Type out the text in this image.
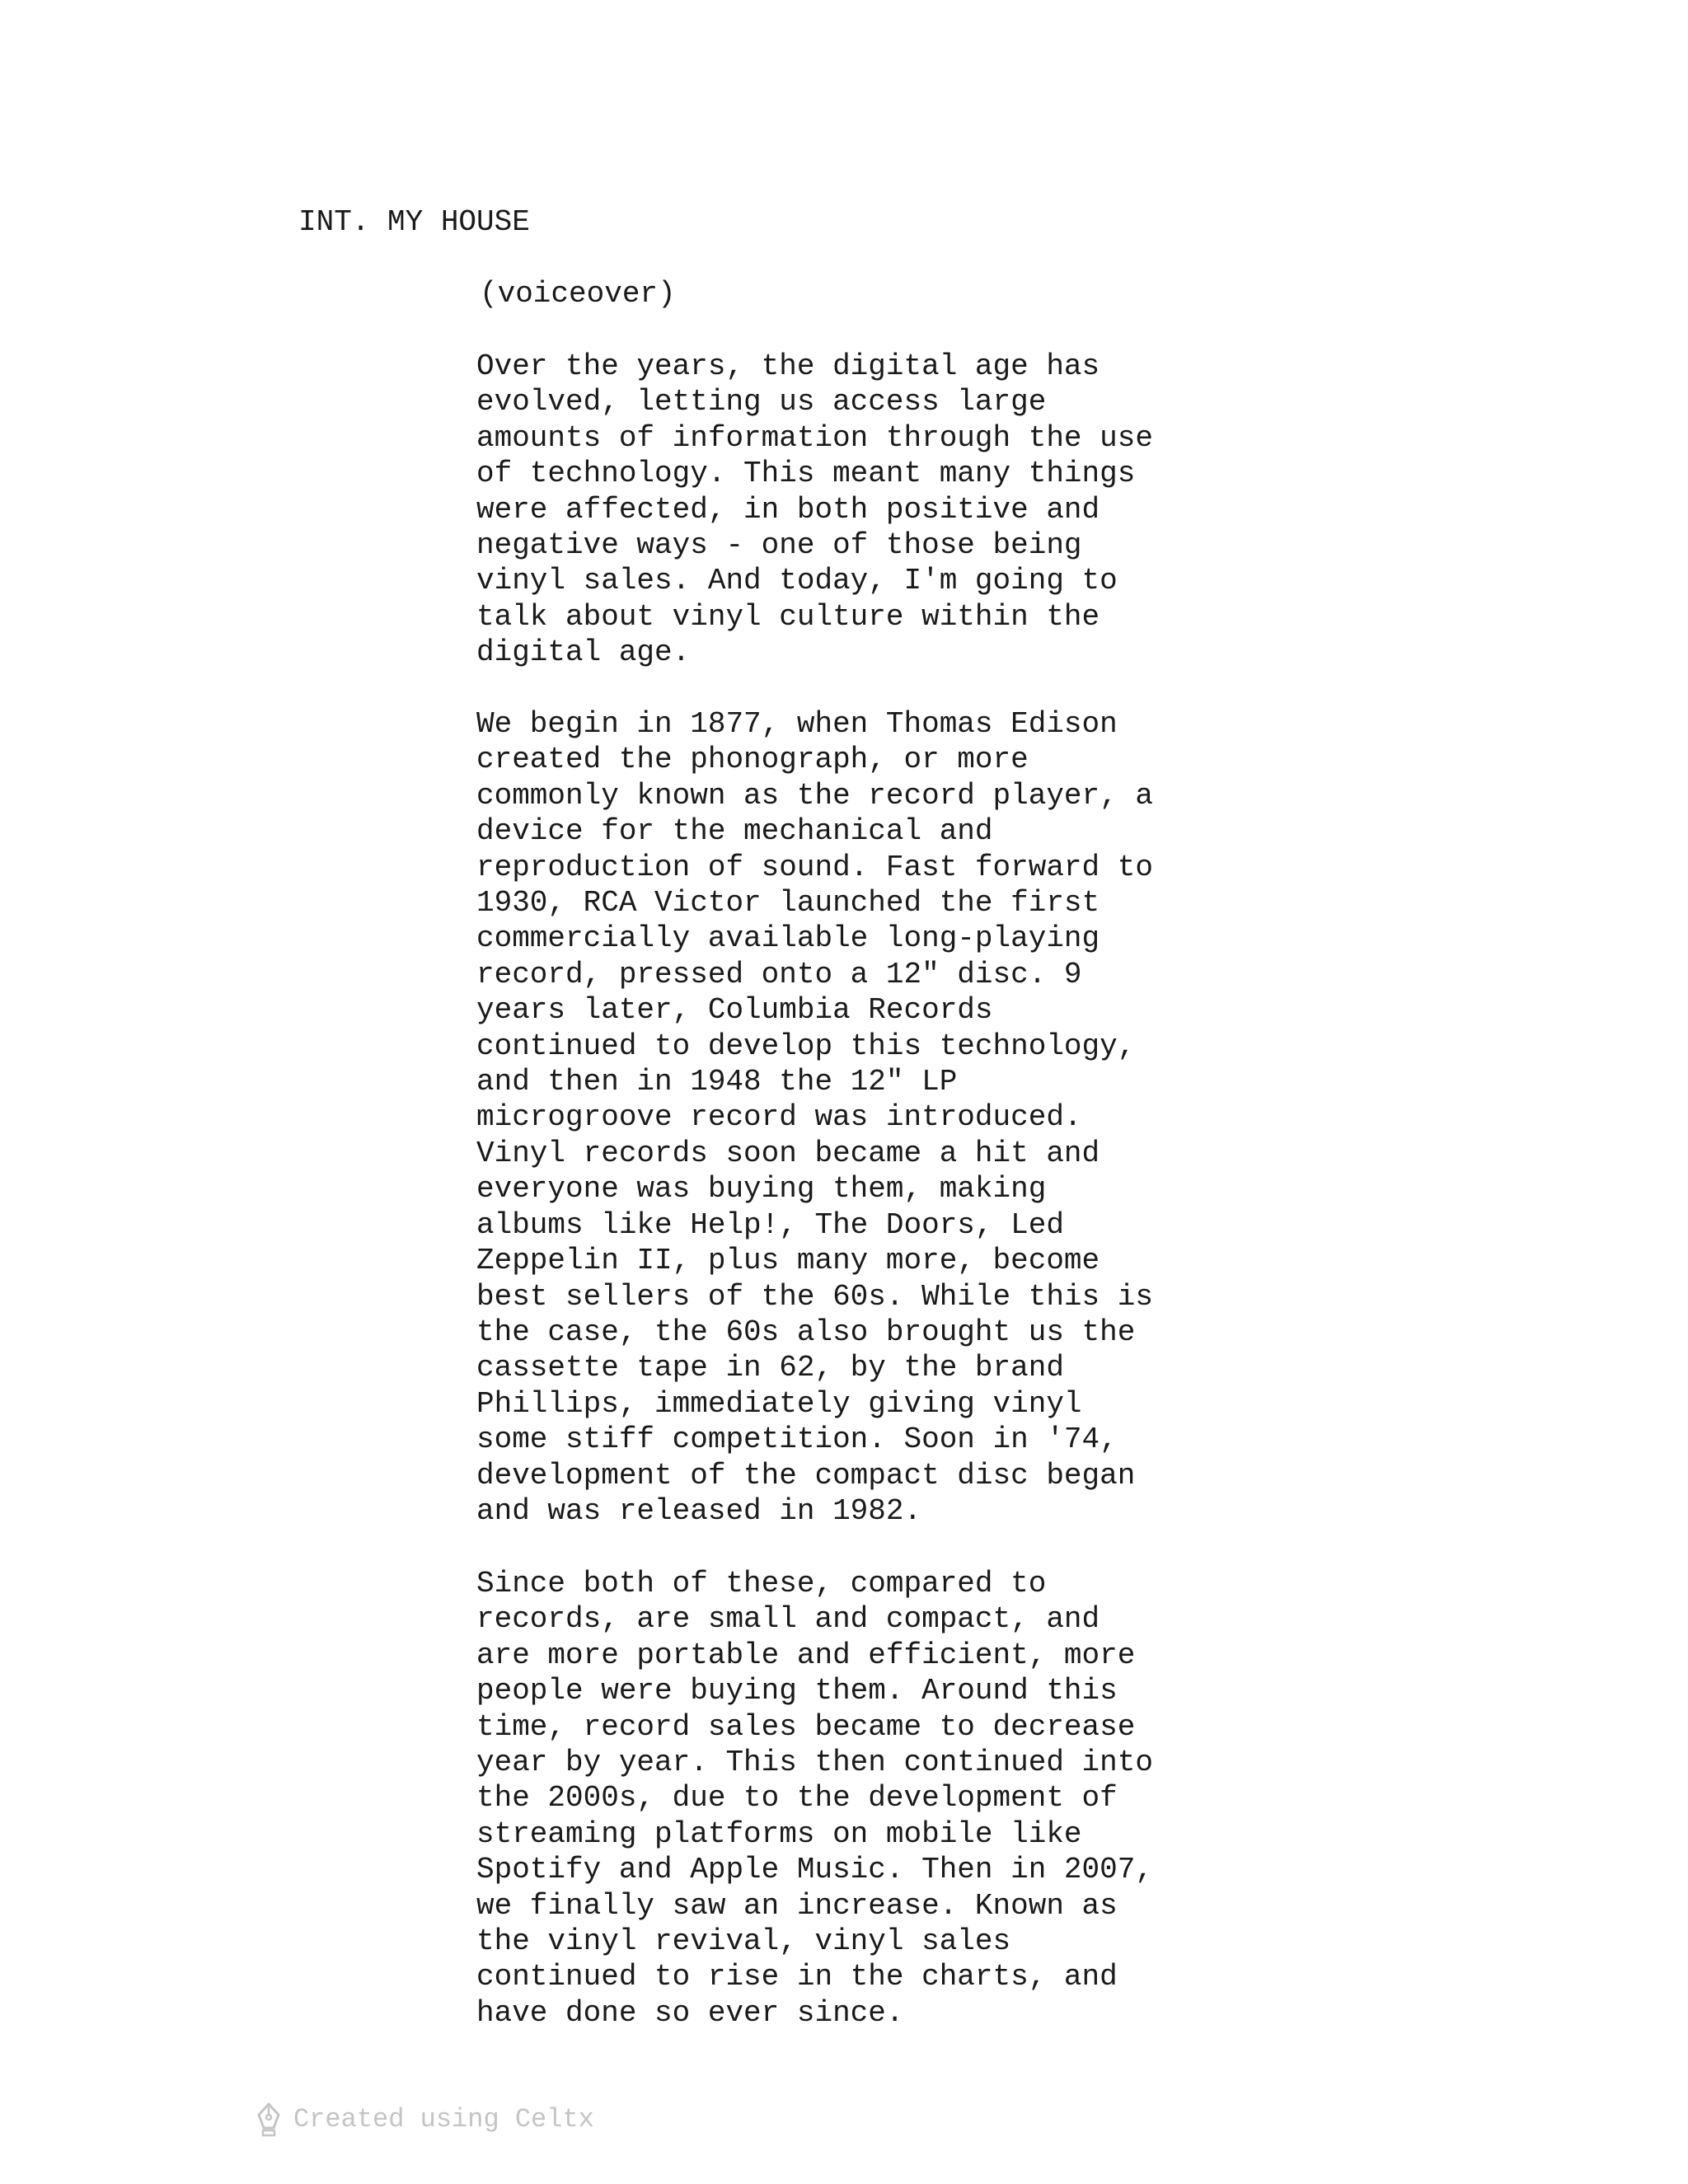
INT. MY HOUSE

(voiceover)

Over the years, the digital age has
evolved, letting us access large
amounts of information through the use
of technology. This meant many things
were affected, in both positive and
negative ways - one of those being
vinyl sales. And today, I'm going to
talk about vinyl culture within the
digital age.

We begin in 1877, when Thomas Edison
created the phonograph, or more
commonly known as the record player, a
device for the mechanical and
reproduction of sound. Fast forward to
1930, RCA Victor launched the first
commercially available long-playing
record, pressed onto a 12" disc. 9
years later, Columbia Records
continued to develop this technology,
and then in 1948 the 12" LP
microgroove record was introduced.
Vinyl records soon became a hit and
everyone was buying them, making
albums like Help!, The Doors, Led
Zeppelin II, plus many more, become
best sellers of the 60s. While this is
the case, the 60s also brought us the
cassette tape in 62, by the brand
Phillips, immediately giving vinyl
some stiff competition. Soon in '74,
development of the compact disc began
and was released in 1982.

Since both of these, compared to
records, are small and compact, and
are more portable and efficient, more
people were buying them. Around this
time, record sales became to decrease
year by year. This then continued into
the 2000s, due to the development of
streaming platforms on mobile like
Spotify and Apple Music. Then in 2007,
we finally saw an increase. Known as
the vinyl revival, vinyl sales
continued to rise in the charts, and
have done so ever since.

Created using Celtx
